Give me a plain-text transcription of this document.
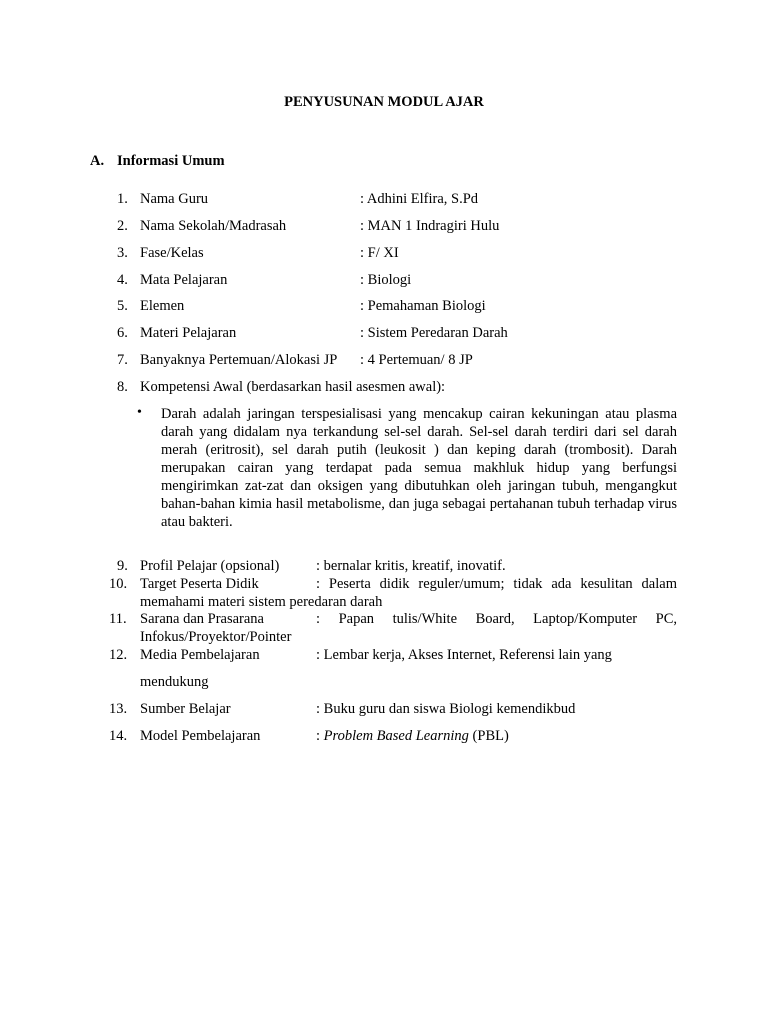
PENYUSUNAN MODUL AJAR
A. Informasi Umum
1. Nama Guru	: Adhini Elfira, S.Pd
2. Nama Sekolah/Madrasah	: MAN 1 Indragiri Hulu
3. Fase/Kelas	: F/ XI
4. Mata Pelajaran	: Biologi
5. Elemen	: Pemahaman Biologi
6. Materi Pelajaran	: Sistem Peredaran Darah
7. Banyaknya Pertemuan/Alokasi JP : 4 Pertemuan/ 8 JP
8. Kompetensi Awal (berdasarkan hasil asesmen awal):
• Darah adalah jaringan terspesialisasi yang mencakup cairan kekuningan atau plasma darah yang didalam nya terkandung sel-sel darah. Sel-sel darah terdiri dari sel darah merah (eritrosit), sel darah putih (leukosit ) dan keping darah (trombosit). Darah merupakan cairan yang terdapat pada semua makhluk hidup yang berfungsi mengirimkan zat-zat dan oksigen yang dibutuhkan oleh jaringan tubuh, mengangkut bahan-bahan kimia hasil metabolisme, dan juga sebagai pertahanan tubuh terhadap virus atau bakteri.
9. Profil Pelajar (opsional)	: bernalar kritis, kreatif, inovatif.
10. Target Peserta Didik	: Peserta didik reguler/umum; tidak ada kesulitan dalam
memahami materi sistem peredaran darah
11. Sarana dan Prasarana	: Papan tulis/White Board, Laptop/Komputer PC,
Infokus/Proyektor/Pointer
12. Media Pembelajaran	: Lembar kerja, Akses Internet, Referensi lain yang
mendukung
13. Sumber Belajar	: Buku guru dan siswa Biologi kemendikbud
14. Model Pembelajaran	: Problem Based Learning (PBL)
